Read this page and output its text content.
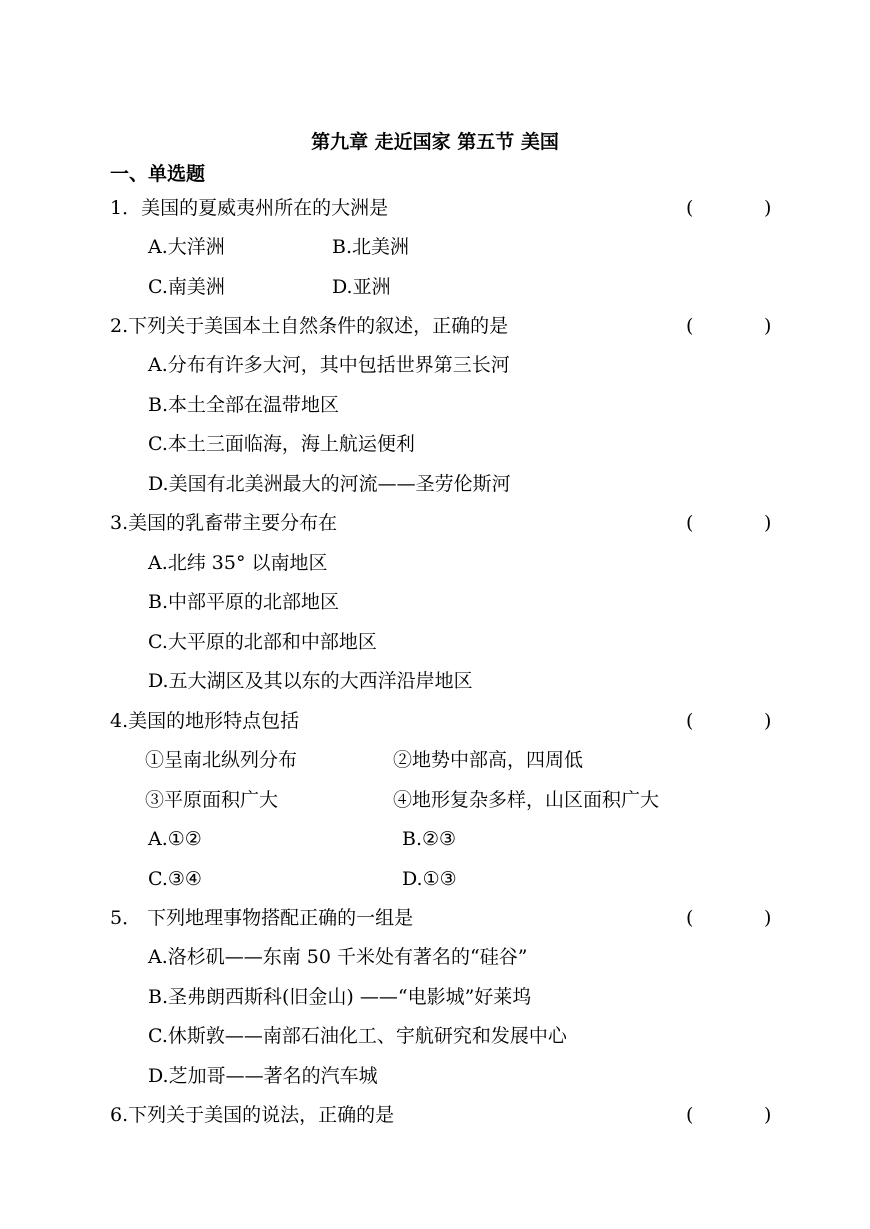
第九章 走近国家 第五节 美国
一、单选题
1．美国的夏威夷州所在的大洲是	(	)
A.大洋洲	B.北美洲
C.南美洲	D.亚洲
2.下列关于美国本土自然条件的叙述，正确的是	(	)
A.分布有许多大河，其中包括世界第三长河
B.本土全部在温带地区
C.本土三面临海，海上航运便利
D.美国有北美洲最大的河流——圣劳伦斯河
3.美国的乳畜带主要分布在	(	)
A.北纬 35° 以南地区
B.中部平原的北部地区
C.大平原的北部和中部地区
D.五大湖区及其以东的大西洋沿岸地区
4.美国的地形特点包括	(	)
①呈南北纵列分布	②地势中部高，四周低
③平原面积广大	④地形复杂多样，山区面积广大
A.①②	B.②③
C.③④	D.①③
5． 下列地理事物搭配正确的一组是	(	)
A.洛杉矶——东南 50 千米处有著名的“硅谷”
B.圣弗朗西斯科(旧金山) ——“电影城”好莱坞
C.休斯敦——南部石油化工、宇航研究和发展中心
D.芝加哥——著名的汽车城
6.下列关于美国的说法，正确的是	(	)
